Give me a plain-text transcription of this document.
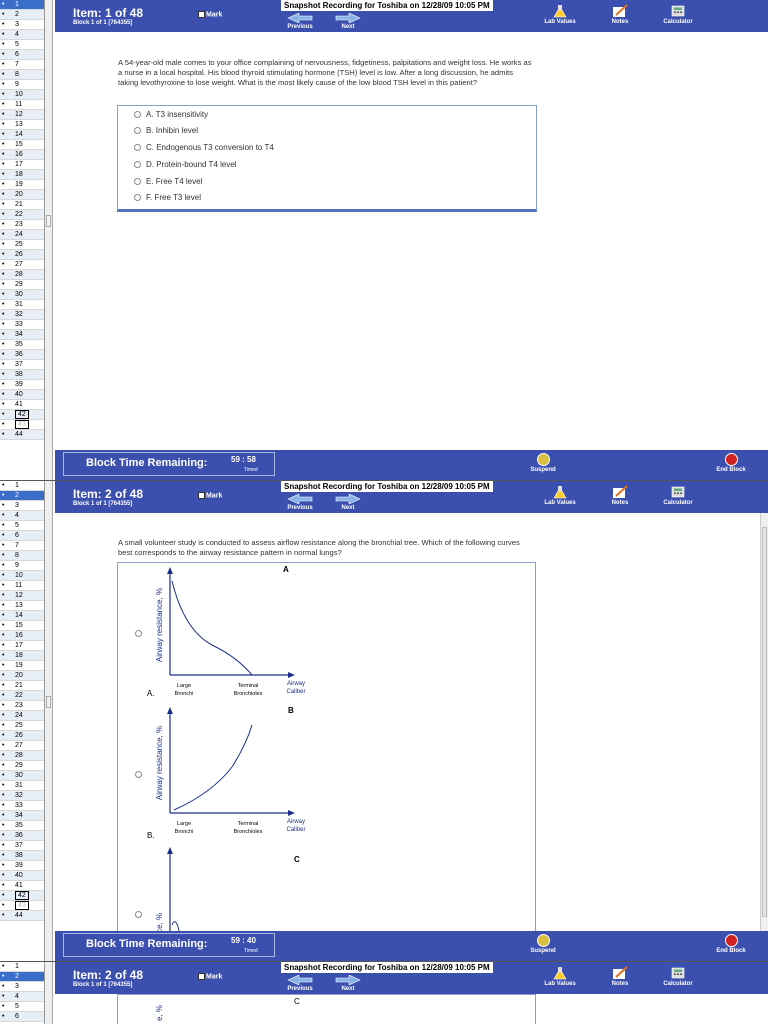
• 1
• 2
• 3
• 4
• 5
• 6
• 7
• 8
• 9
• 10
• 11
• 12
• 13
• 14
• 15
• 16
• 17
• 18
• 19
• 20
• 21
• 22
• 23
• 24
• 25
• 26
• 27
• 28
• 29
• 30
• 31
• 32
• 33
• 34
• 35
• 36
• 37
• 38
• 39
• 40
• 41
•	42
•	43
• 44
Item: 1 of 48
Block 1 of 1 [764355]
Mark
Snapshot Recording for Toshiba on 12/28/09 10:05 PM
Previous	Next
Lab Values	Notes	Calculator
A 54-year-old male comes to your office complaining of nervousness, fidgetiness, palpitations and weight loss. He works as a nurse in a local hospital. His blood thyroid stimulating hormone (TSH) level is low. After a long discussion, he admits taking levothyroxine to lose weight. What is the most likely cause of the low blood TSH level in this patient?
A. T3 insensitivity
B. Inhibin level
C. Endogenous T3 conversion to T4
D. Protein-bound T4 level
E. Free T4 level
F. Free T3 level
Block Time Remaining:	59 : 58
Timed	Suspend	End Block
• 1
• 2
• 3
• 4
• 5
• 6
• 7
• 8
• 9
• 10
• 11
• 12
• 13
• 14
• 15
• 16
• 17
• 18
• 19
• 20
• 21
• 22
• 23
• 24
• 25
• 26
• 27
• 28
• 29
• 30
• 31
• 32
• 33
• 34
• 35
• 36
• 37
• 38
• 39
• 40
• 41
•	42
•	43
• 44
Item: 2 of 48
Block 1 of 1 [764355]
Mark
Snapshot Recording for Toshiba on 12/28/09 10:05 PM
Previous	Next
Lab Values	Notes	Calculator
A small volunteer study is conducted to assess airflow resistance along the bronchial tree. Which of the following curves best corresponds to the airway resistance pattern in normal lungs?
A
A.
Airway resistance, %
Large
Bronchi
Terminal
Bronchioles
Airway
Caliber
B
B.
Airway resistance, %
Large
Bronchi
Terminal
Bronchioles
Airway
Caliber
C
Block Time Remaining:	59 : 40
Timed	Suspend	End Block
• 1
• 2
• 3
• 4
• 5
• 6
Item: 2 of 48
Block 1 of 1 [764355]
Mark
Snapshot Recording for Toshiba on 12/28/09 10:05 PM
Previous	Next
Lab Values	Notes	Calculator
C
e, %
